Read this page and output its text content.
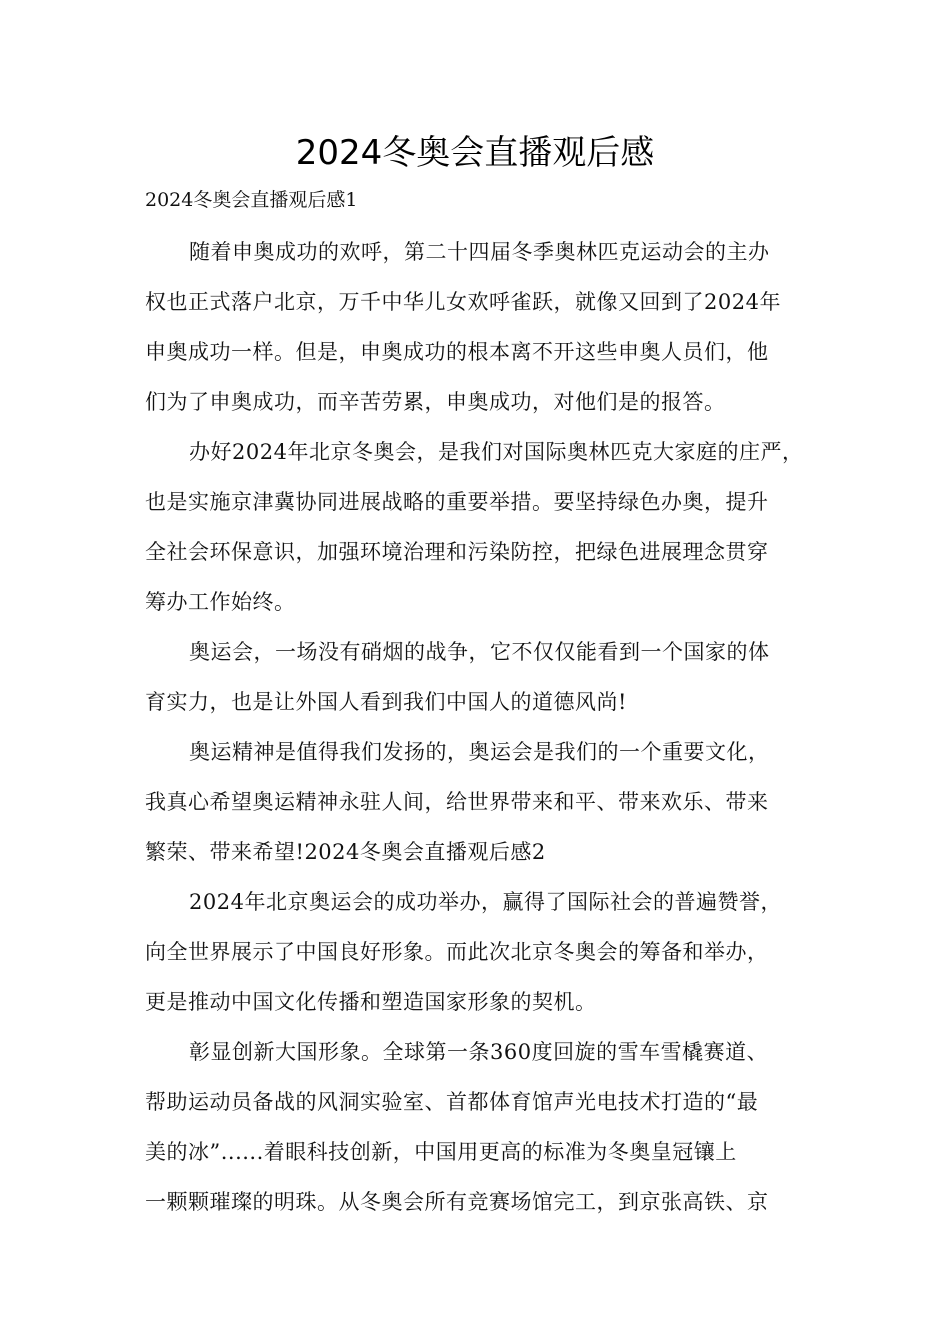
2024冬奥会直播观后感

2024冬奥会直播观后感1

随着申奥成功的欢呼，第二十四届冬季奥林匹克运动会的主办

权也正式落户北京，万千中华儿女欢呼雀跃，就像又回到了2024年

申奥成功一样。但是，申奥成功的根本离不开这些申奥人员们，他

们为了申奥成功，而辛苦劳累，申奥成功，对他们是的报答。

办好2024年北京冬奥会，是我们对国际奥林匹克大家庭的庄严，

也是实施京津冀协同进展战略的重要举措。要坚持绿色办奥，提升

全社会环保意识，加强环境治理和污染防控，把绿色进展理念贯穿

筹办工作始终。

奥运会，一场没有硝烟的战争，它不仅仅能看到一个国家的体

育实力，也是让外国人看到我们中国人的道德风尚!

奥运精神是值得我们发扬的，奥运会是我们的一个重要文化，

我真心希望奥运精神永驻人间，给世界带来和平、带来欢乐、带来

繁荣、带来希望!2024冬奥会直播观后感2

2024年北京奥运会的成功举办，赢得了国际社会的普遍赞誉，

向全世界展示了中国良好形象。而此次北京冬奥会的筹备和举办，

更是推动中国文化传播和塑造国家形象的契机。

彰显创新大国形象。全球第一条360度回旋的雪车雪橇赛道、

帮助运动员备战的风洞实验室、首都体育馆声光电技术打造的“最

美的冰”......着眼科技创新，中国用更高的标准为冬奥皇冠镶上

一颗颗璀璨的明珠。从冬奥会所有竞赛场馆完工，到京张高铁、京
